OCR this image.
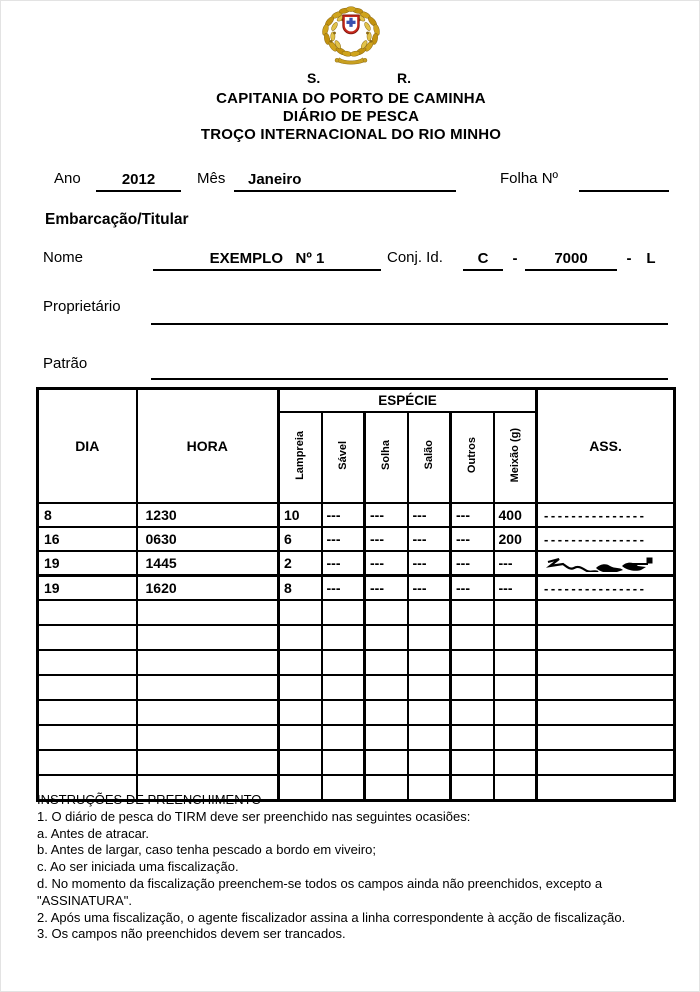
S.	R.
CAPITANIA DO PORTO DE CAMINHA
DIÁRIO DE PESCA
TROÇO INTERNACIONAL DO RIO MINHO
Ano	2012	Mês	Janeiro	Folha Nº
Embarcação/Titular
Nome	EXEMPLO   Nº 1	Conj. Id.	C	-	7000	- L
Proprietário
Patrão
DIA	HORA	ESPÉCIE						ASS.
		Lampreia	Sável	Solha	Salão	Outros	Meixão (g)	
8	1230	10	---	---	---	---	400	---------------
16	0630	6	---	---	---	---	200	---------------
19	1445	2	---	---	---	---	---	
19	1620	8	---	---	---	---	---	---------------

INSTRUÇÕES DE PREENCHIMENTO
1. O diário de pesca do TIRM deve ser preenchido nas seguintes ocasiões:
a. Antes de atracar.
b. Antes de largar, caso tenha pescado a bordo em viveiro;
c. Ao ser iniciada uma fiscalização.
d. No momento da fiscalização preenchem-se todos os campos ainda não preenchidos, excepto a
"ASSINATURA".
2. Após uma fiscalização, o agente fiscalizador assina a linha correspondente à acção de fiscalização.
3. Os campos não preenchidos devem ser trancados.
